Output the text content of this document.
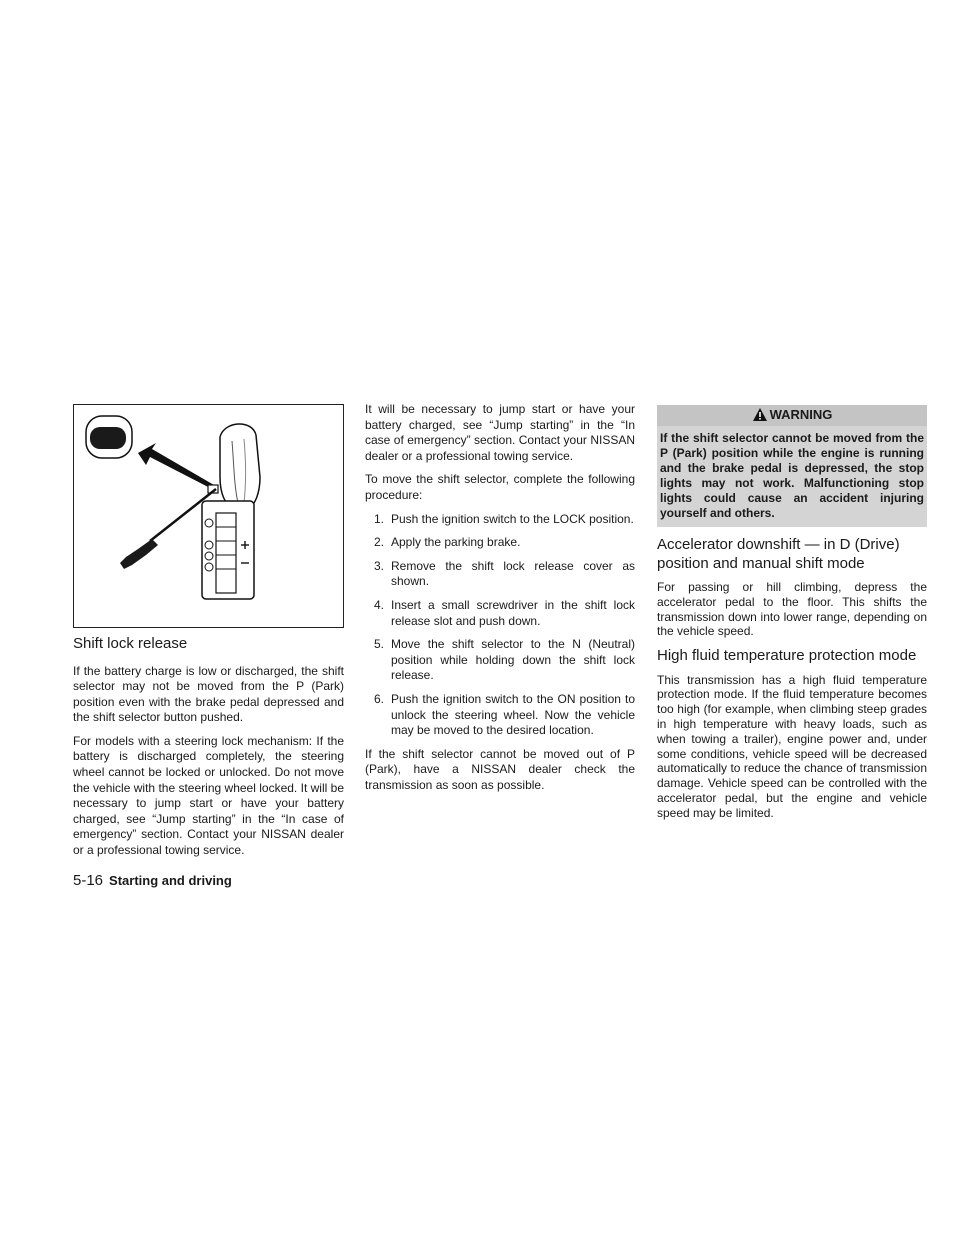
Shift lock release

If the battery charge is low or discharged, the shift selector may not be moved from the P (Park) position even with the brake pedal depressed and the shift selector button pushed.

For models with a steering lock mechanism: If the battery is discharged completely, the steering wheel cannot be locked or unlocked. Do not move the vehicle with the steering wheel locked. It will be necessary to jump start or have your battery charged, see “Jump starting” in the “In case of emergency” section. Contact your NISSAN dealer or a professional towing service.

It will be necessary to jump start or have your battery charged, see “Jump starting” in the “In case of emergency” section. Contact your NISSAN dealer or a professional towing service.

To move the shift selector, complete the following procedure:

1. Push the ignition switch to the LOCK position.
2. Apply the parking brake.
3. Remove the shift lock release cover as shown.
4. Insert a small screwdriver in the shift lock release slot and push down.
5. Move the shift selector to the N (Neutral) position while holding down the shift lock release.
6. Push the ignition switch to the ON position to unlock the steering wheel. Now the vehicle may be moved to the desired location.

If the shift selector cannot be moved out of P (Park), have a NISSAN dealer check the transmission as soon as possible.

WARNING
If the shift selector cannot be moved from the P (Park) position while the engine is running and the brake pedal is depressed, the stop lights may not work. Malfunctioning stop lights could cause an accident injuring yourself and others.
Accelerator downshift — in D (Drive) position and manual shift mode

For passing or hill climbing, depress the accelerator pedal to the floor. This shifts the transmission down into lower range, depending on the vehicle speed.

High fluid temperature protection mode

This transmission has a high fluid temperature protection mode. If the fluid temperature becomes too high (for example, when climbing steep grades in high temperature with heavy loads, such as when towing a trailer), engine power and, under some conditions, vehicle speed will be decreased automatically to reduce the chance of transmission damage. Vehicle speed can be controlled with the accelerator pedal, but the engine and vehicle speed may be limited.

5-16 Starting and driving
